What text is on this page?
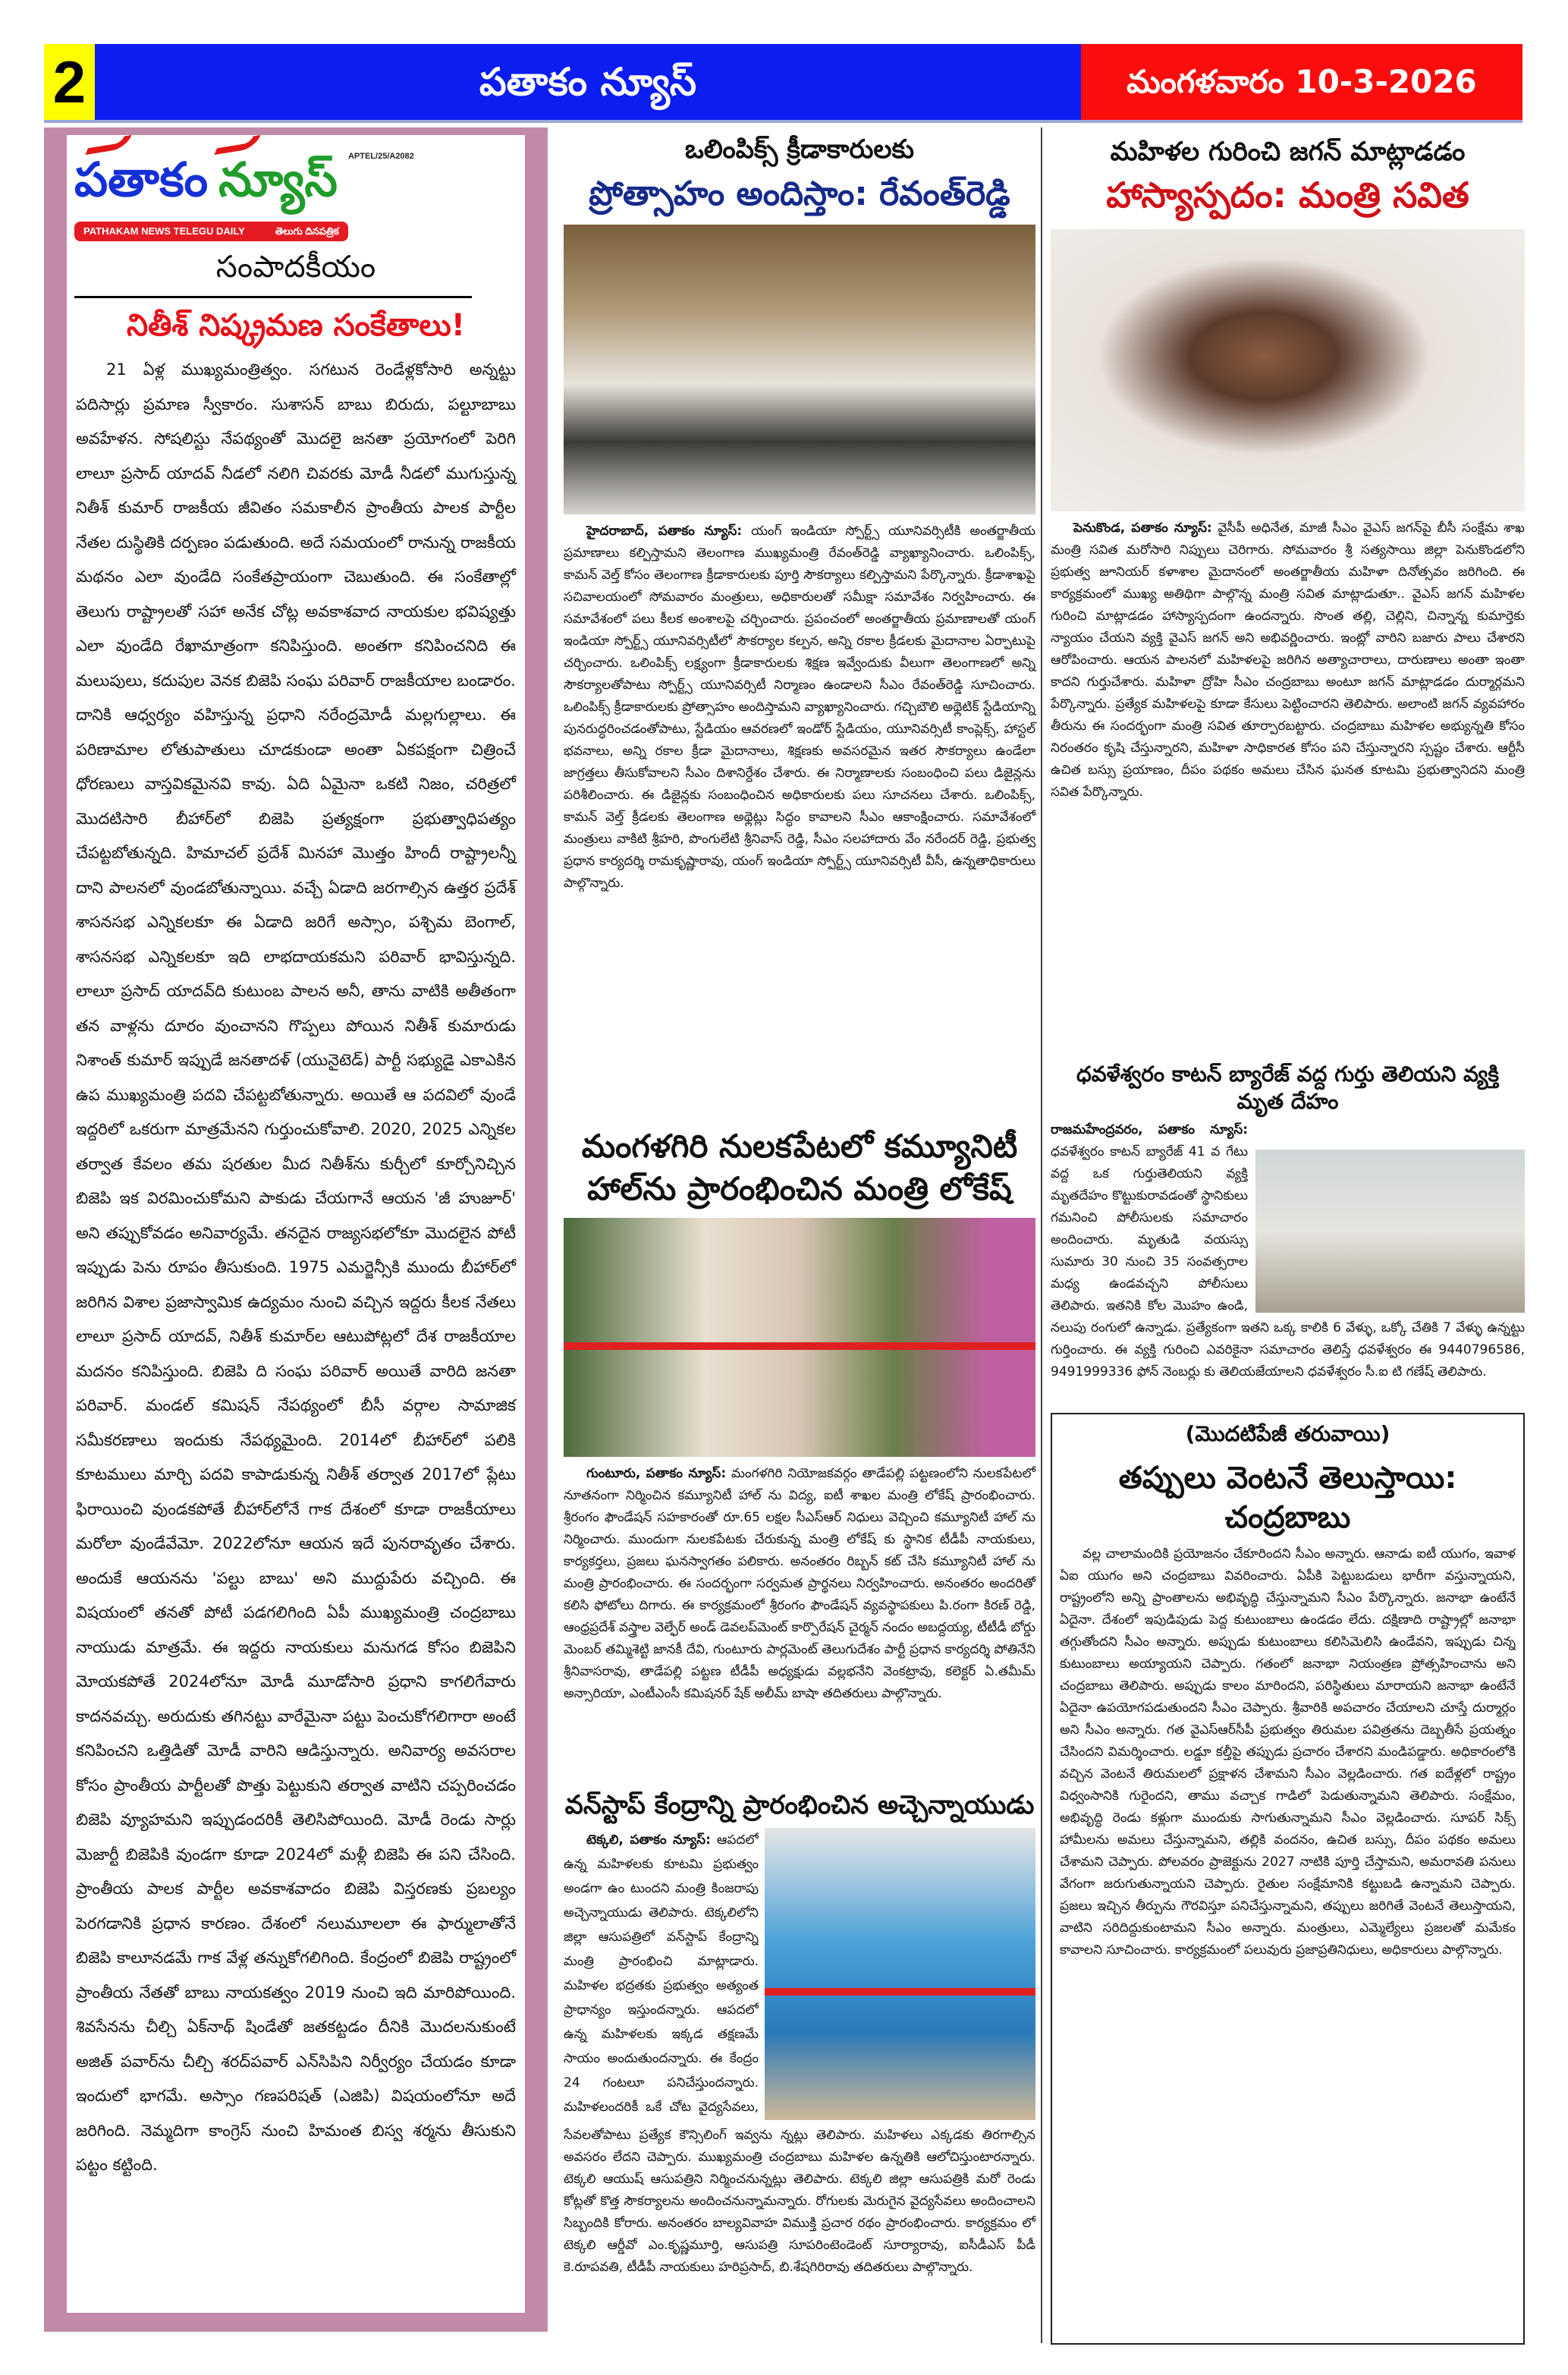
2	పతాకం న్యూస్	మంగళవారం 10-3-2026
పతాకం న్యూస్ APTEL/25/A2082
PATHAKAM NEWS TELEGU DAILY	తెలుగు దినపత్రిక
సంపాదకీయం
నితీశ్ నిష్క్రమణ సంకేతాలు!

21 ఏళ్ల ముఖ్యమంత్రిత్వం. సగటున రెండేళ్లకోసారి అన్నట్టు పదిసార్లు ప్రమాణ స్వీకారం. సుశాసన్ బాబు బిరుదు, పల్టూబాబు అవహేళన. సోషలిస్టు నేపథ్యంతో మొదలై జనతా ప్రయోగంలో పెరిగి లాలూ ప్రసాద్ యాదవ్ నీడలో నలిగి చివరకు మోడీ నీడలో ముగుస్తున్న నితీశ్ కుమార్ రాజకీయ జీవితం సమకాలీన ప్రాంతీయ పాలక పార్టీల నేతల దుస్థితికి దర్పణం పడుతుంది. అదే సమయంలో రానున్న రాజకీయ మథనం ఎలా వుండేది సంకేతప్రాయంగా చెబుతుంది. ఈ సంకేతాల్లో తెలుగు రాష్ట్రాలతో సహా అనేక చోట్ల అవకాశవాద నాయకుల భవిష్యత్తు ఎలా వుండేది రేఖామాత్రంగా కనిపిస్తుంది. అంతగా కనిపించనిది ఈ మలుపులు, కదుపుల వెనక బిజెపి సంఘ పరివార్ రాజకీయాల బండారం. దానికి ఆధ్వర్యం వహిస్తున్న ప్రధాని నరేంద్రమోడీ మల్లగుల్లాలు. ఈ పరిణామాల లోతుపాతులు చూడకుండా అంతా ఏకపక్షంగా చిత్రించే ధోరణులు వాస్తవికమైనవి కావు. ఏది ఏమైనా ఒకటి నిజం, చరిత్రలో మొదటిసారి బీహార్‌లో బిజెపి ప్రత్యక్షంగా ప్రభుత్వాధిపత్యం చేపట్టబోతున్నది. హిమాచల్ ప్రదేశ్ మినహా మొత్తం హిందీ రాష్ట్రాలన్నీ దాని పాలనలో వుండబోతున్నాయి. వచ్చే ఏడాది జరగాల్సిన ఉత్తర ప్రదేశ్ శాసనసభ ఎన్నికలకూ ఈ ఏడాది జరిగే అస్సాం, పశ్చిమ బెంగాల్, శాసనసభ ఎన్నికలకూ ఇది లాభదాయకమని పరివార్ భావిస్తున్నది. లాలూ ప్రసాద్ యాదవ్‌ది కుటుంబ పాలన అనీ, తాను వాటికి అతీతంగా తన వాళ్లను దూరం వుంచానని గొప్పలు పోయిన నితీశ్ కుమారుడు నిశాంత్ కుమార్ ఇప్పుడే జనతాదళ్ (యునైటెడ్) పార్టీ సభ్యుడై ఎకాఎకిన ఉప ముఖ్యమంత్రి పదవి చేపట్టబోతున్నారు. అయితే ఆ పదవిలో వుండే ఇద్దరిలో ఒకరుగా మాత్రమేనని గుర్తుంచుకోవాలి. 2020, 2025 ఎన్నికల తర్వాత కేవలం తమ షరతుల మీద నితీశ్‌ను కుర్చీలో కూర్చోనిచ్చిన బిజెపి ఇక విరమించుకోమని పాకుడు చేయగానే ఆయన 'జీ హుజూర్' అని తప్పుకోవడం అనివార్యమే. తనదైన రాజ్యసభలోకూ మొదలైన పోటీ ఇప్పుడు పెను రూపం తీసుకుంది. 1975 ఎమర్జెన్సీకి ముందు బీహార్‌లో జరిగిన విశాల ప్రజాస్వామిక ఉద్యమం నుంచి వచ్చిన ఇద్దరు కీలక నేతలు లాలూ ప్రసాద్ యాదవ్, నితీశ్ కుమార్‌ల ఆటుపోట్లలో దేశ రాజకీయాల మదనం కనిపిస్తుంది. బిజెపి ది సంఘ పరివార్ అయితే వారిది జనతా పరివార్. మండల్ కమిషన్ నేపథ్యంలో బీసీ వర్గాల సామాజిక సమీకరణాలు ఇందుకు నేపథ్యమైంది. 2014లో బీహార్‌లో పలికి కూటములు మార్చి పదవి కాపాడుకున్న నితీశ్ తర్వాత 2017లో ప్లేటు ఫిరాయించి వుండకపోతే బీహార్‌లోనే గాక దేశంలో కూడా రాజకీయాలు మరోలా వుండేవేమో. 2022లోనూ ఆయన ఇదే పునరావృతం చేశారు. అందుకే ఆయనను 'పల్టు బాబు' అని ముద్దుపేరు వచ్చింది. ఈ విషయంలో తనతో పోటీ పడగలిగింది ఏపీ ముఖ్యమంత్రి చంద్రబాబు నాయుడు మాత్రమే. ఈ ఇద్దరు నాయకులు మనుగడ కోసం బిజెపిని మోయకపోతే 2024లోనూ మోడీ మూడోసారి ప్రధాని కాగలిగేవారు కాదనవచ్చు. అరుదుకు తగినట్టు వారేమైనా పట్టు పెంచుకోగలిగారా అంటే కనిపించని ఒత్తిడితో మోడీ వారిని ఆడిస్తున్నారు. అనివార్య అవసరాల కోసం ప్రాంతీయ పార్టీలతో పొత్తు పెట్టుకుని తర్వాత వాటిని చప్పరించడం బిజెపి వ్యూహమని ఇప్పుడందరికీ తెలిసిపోయింది. మోడీ రెండు సార్లు మెజార్టీ బిజెపికి వుండగా కూడా 2024లో మళ్లీ బిజెపి ఈ పని చేసింది. ప్రాంతీయ పాలక పార్టీల అవకాశవాదం బిజెపి విస్తరణకు ప్రబల్యం పెరగడానికి ప్రధాన కారణం. దేశంలో నలుమూలలా ఈ ఫార్ములాతోనే బిజెపి కాలూనడమే గాక వేళ్ల తన్నుకోగలిగింది. కేంద్రంలో బిజెపి రాష్ట్రంలో ప్రాంతీయ నేతతో బాబు నాయకత్వం 2019 నుంచి ఇది మారిపోయింది. శివసేనను చీల్చి ఏక్‌నాథ్ షిండేతో జతకట్టడం దీనికి మొదలనుకుంటే అజిత్ పవార్‌ను చీల్చి శరద్‌పవార్ ఎన్‌సిపిని నిర్వీర్యం చేయడం కూడా ఇందులో భాగమే. అస్సాం గణపరిషత్ (ఎజిపి) విషయంలోనూ అదే జరిగింది. నెమ్మదిగా కాంగ్రెస్ నుంచి హిమంత బిస్వ శర్మను తీసుకుని పట్టం కట్టింది.

ఒలింపిక్స్ క్రీడాకారులకు
ప్రోత్సాహం అందిస్తాం: రేవంత్‌రెడ్డి

హైదరాబాద్, పతాకం న్యూస్: యంగ్ ఇండియా స్పోర్ట్స్ యూనివర్సిటీకి అంతర్జాతీయ ప్రమాణాలు కల్పిస్తామని తెలంగాణ ముఖ్యమంత్రి రేవంత్‌రెడ్డి వ్యాఖ్యానించారు. ఒలింపిక్స్, కామన్ వెల్త్ కోసం తెలంగాణ క్రీడాకారులకు పూర్తి సౌకర్యాలు కల్పిస్తామని పేర్కొన్నారు. క్రీడాశాఖపై సచివాలయంలో సోమవారం మంత్రులు, అధికారులతో సమీక్షా సమావేశం నిర్వహించారు. ఈ సమావేశంలో పలు కీలక అంశాలపై చర్చించారు. ప్రపంచంలో అంతర్జాతీయ ప్రమాణాలతో యంగ్ ఇండియా స్పోర్ట్స్ యూనివర్సిటీలో సౌకర్యాల కల్పన, అన్ని రకాల క్రీడలకు మైదానాల ఏర్పాటుపై చర్చించారు. ఒలింపిక్స్ లక్ష్యంగా క్రీడాకారులకు శిక్షణ ఇవ్వేందుకు వీలుగా తెలంగాణలో అన్ని సౌకర్యాలతోపాటు స్పోర్ట్స్ యూనివర్సిటీ నిర్మాణం ఉండాలని సీఎం రేవంత్‌రెడ్డి సూచించారు. ఒలింపిక్స్ క్రీడాకారులకు ప్రోత్సాహం అందిస్తామని వ్యాఖ్యానించారు. గచ్చిబౌలి అథ్లెటిక్ స్టేడియాన్ని పునరుద్ధరించడంతోపాటు, స్టేడియం ఆవరణలో ఇండోర్ స్టేడియం, యూనివర్సిటీ కాంప్లెక్స్, హాస్టల్ భవనాలు, అన్ని రకాల క్రీడా మైదానాలు, శిక్షణకు అవసరమైన ఇతర సౌకర్యాలు ఉండేలా జాగ్రత్తలు తీసుకోవాలని సీఎం దిశానిర్దేశం చేశారు. ఈ నిర్మాణాలకు సంబంధించి పలు డిజైన్లను పరిశీలించారు. ఈ డిజైన్లకు సంబంధించిన అధికారులకు పలు సూచనలు చేశారు. ఒలింపిక్స్, కామన్ వెల్త్ క్రీడలకు తెలంగాణ అథ్లెట్లు సిద్ధం కావాలని సీఎం ఆకాంక్షించారు. సమావేశంలో మంత్రులు వాకిటి శ్రీహరి, పొంగులేటి శ్రీనివాస్ రెడ్డి, సీఎం సలహాదారు వేం నరేందర్ రెడ్డి, ప్రభుత్వ ప్రధాన కార్యదర్శి రామకృష్ణారావు, యంగ్ ఇండియా స్పోర్ట్స్ యూనివర్సిటీ వీసీ, ఉన్నతాధికారులు పాల్గొన్నారు.

మంగళగిరి నులకపేటలో కమ్యూనిటీ
హాల్‌ను ప్రారంభించిన మంత్రి లోకేష్

గుంటూరు, పతాకం న్యూస్: మంగళగిరి నియోజకవర్గం తాడేపల్లి పట్టణంలోని నులకపేటలో నూతనంగా నిర్మించిన కమ్యూనిటీ హాల్ ను విద్య, ఐటీ శాఖల మంత్రి లోకేష్ ప్రారంభించారు. శ్రీరంగం ఫౌండేషన్ సహకారంతో రూ.65 లక్షల సీఎస్ఆర్ నిధులు వెచ్చించి కమ్యూనిటీ హాల్ ను నిర్మించారు. ముందుగా నులకపేటకు చేరుకున్న మంత్రి లోకేష్ కు స్థానిక టీడీపీ నాయకులు, కార్యకర్తలు, ప్రజలు ఘనస్వాగతం పలికారు. అనంతరం రిబ్బన్ కట్ చేసి కమ్యూనిటీ హాల్ ను మంత్రి ప్రారంభించారు. ఈ సందర్భంగా సర్వమత ప్రార్థనలు నిర్వహించారు. అనంతరం అందరితో కలిసి ఫోటోలు దిగారు. ఈ కార్యక్రమంలో శ్రీరంగం ఫౌండేషన్ వ్యవస్థాపకులు పి.రంగా కిరణ్ రెడ్డి, ఆంధ్రప్రదేశ్ వస్త్రాల వెల్ఫేర్ అండ్ డెవలప్‌మెంట్ కార్పొరేషన్ చైర్మన్ నందం అబద్దయ్య, టీటీడీ బోర్డు మెంబర్ తమ్మిశెట్టి జానకీ దేవి, గుంటూరు పార్లమెంట్ తెలుగుదేశం పార్టీ ప్రధాన కార్యదర్శి పోతినేని శ్రీనివాసరావు, తాడేపల్లి పట్టణ టీడీపీ అధ్యక్షుడు వల్లభనేని వెంకట్రావు, కలెక్టర్ ఏ.తమీమ్ అన్సారియా, ఎంటీఎంసీ కమిషనర్ షేక్ అలీమ్ బాషా తదితరులు పాల్గొన్నారు.

వన్‌స్టాప్ కేంద్రాన్ని ప్రారంభించిన అచ్చెన్నాయుడు

టెక్కలి, పతాకం న్యూస్: ఆపదలో ఉన్న మహిళలకు కూటమి ప్రభుత్వం అండగా ఉం టుందని మంత్రి కింజరాపు అచ్చెన్నాయుడు తెలిపారు. టెక్కలిలోని జిల్లా ఆసుపత్రిలో వన్‌స్టాప్ కేంద్రాన్ని మంత్రి ప్రారంభించి మాట్లాడారు. మహిళల భద్రతకు ప్రభుత్వం అత్యంత ప్రాధాన్యం ఇస్తుందన్నారు. ఆపదలో ఉన్న మహిళలకు ఇక్కడ తక్షణమే సాయం అందుతుందన్నారు. ఈ కేంద్రం 24 గంటలూ పనిచేస్తుందన్నారు. మహిళలందరికీ ఒకే చోట వైద్యసేవలు,

సేవలతోపాటు ప్రత్యేక కౌన్సిలింగ్ ఇవ్వను న్నట్లు తెలిపారు. మహిళలు ఎక్కడకు తిరగాల్సిన అవసరం లేదని చెప్పారు. ముఖ్యమంత్రి చంద్రబాబు మహిళల ఉన్నతికి ఆలోచిస్తుంటారన్నారు. టెక్కలి ఆయుష్ ఆసుపత్రిని నిర్మించనున్నట్లు తెలిపారు. టెక్కలి జిల్లా ఆసుపత్రికి మరో రెండు కోట్లతో కొత్త సౌకర్యాలను అందించనున్నామన్నారు. రోగులకు మెరుగైన వైద్యసేవలు అందించాలని సిబ్బందికి కోరారు. అనంతరం బాల్యవివాహ విముక్తి ప్రచార రథం ప్రారంభించారు. కార్యక్రమం లో టెక్కలి ఆర్డీవో ఎం.కృష్ణమూర్తి, ఆసుపత్రి సూపరింటెండెంట్ సూర్యారావు, ఐసీడీఎస్ పీడీ కె.రూపవతి, టీడీపీ నాయకులు హరిప్రసాద్, బి.శేషగిరిరావు తదితరులు పాల్గొన్నారు.

మహిళల గురించి జగన్ మాట్లాడడం
హాస్యాస్పదం: మంత్రి సవిత

పెనుకొండ, పతాకం న్యూస్: వైసీపీ అధినేత, మాజీ సీఎం వైఎస్ జగన్‌పై బీసీ సంక్షేమ శాఖ మంత్రి సవిత మరోసారి నిప్పులు చెరిగారు. సోమవారం శ్రీ సత్యసాయి జిల్లా పెనుకొండలోని ప్రభుత్వ జూనియర్ కళాశాల మైదానంలో అంతర్జాతీయ మహిళా దినోత్సవం జరిగింది. ఈ కార్యక్రమంలో ముఖ్య అతిథిగా పాల్గొన్న మంత్రి సవిత మాట్లాడుతూ.. వైఎస్ జగన్ మహిళల గురించి మాట్లాడడం హాస్యాస్పదంగా ఉందన్నారు. సొంత తల్లి, చెల్లిని, చిన్నాన్న కుమార్తెకు న్యాయం చేయని వ్యక్తి వైఎస్ జగన్ అని అభివర్ణించారు. ఇంట్లో వారిని బజారు పాలు చేశారని ఆరోపించారు. ఆయన పాలనలో మహిళలపై జరిగిన అత్యాచారాలు, దారుణాలు అంతా ఇంతా కాదని గుర్తుచేశారు. మహిళా ద్రోహి సీఎం చంద్రబాబు అంటూ జగన్ మాట్లాడడం దుర్మార్గమని పేర్కొన్నారు. ప్రత్యేక మహిళలపై కూడా కేసులు పెట్టించారని తెలిపారు. అలాంటి జగన్ వ్యవహారం తీరును ఈ సందర్భంగా మంత్రి సవిత తూర్పారబట్టారు. చంద్రబాబు మహిళల అభ్యున్నతి కోసం నిరంతరం కృషి చేస్తున్నారని, మహిళా సాధికారత కోసం పని చేస్తున్నారని స్పష్టం చేశారు. ఆర్టీసీ ఉచిత బస్సు ప్రయాణం, దీపం పథకం అమలు చేసిన ఘనత కూటమి ప్రభుత్వానిదని మంత్రి సవిత పేర్కొన్నారు.

ధవళేశ్వరం కాటన్ బ్యారేజ్ వద్ద గుర్తు తెలియని వ్యక్తి మృత దేహం
రాజమహేంద్రవరం, పతాకం న్యూస్: ధవళేశ్వరం కాటన్ బ్యారేజ్ 41 వ గేటు వద్ద ఒక గుర్తుతెలియని వ్యక్తి మృతదేహం కొట్టుకురావడంతో స్థానికులు గమనించి పోలీసులకు సమాచారం అందించారు. మృతుడి వయస్సు సుమారు 30 నుంచి 35 సంవత్సరాల మధ్య ఉండవచ్చని పోలీసులు తెలిపారు. ఇతనికి కోల మొహం ఉండి, నలుపు రంగులో ఉన్నాడు. ప్రత్యేకంగా ఇతని ఒక్క కాలికి 6 వేళ్ళు, ఒక్కో చేతికి 7 వేళ్ళు ఉన్నట్టు గుర్తించారు. ఈ వ్యక్తి గురించి ఎవరికైనా సమాచారం తెలిస్తే ధవళేశ్వరం ఈ 9440796586, 9491999336 ఫోన్ నెంబర్లు కు తెలియజేయాలని ధవళేశ్వరం సీ.ఐ టి గణేష్ తెలిపారు.
(మొదటిపేజీ తరువాయి)
తప్పులు వెంటనే తెలుస్తాయి: చంద్రబాబు

వల్ల చాలామందికి ప్రయోజనం చేకూరిందని సీఎం అన్నారు. ఆనాడు ఐటీ యుగం, ఇవాళ ఏఐ యుగం అని చంద్రబాబు వివరించారు. ఏపీకి పెట్టుబడులు భారీగా వస్తున్నాయని, రాష్ట్రంలోని అన్ని ప్రాంతాలను అభివృద్ధి చేస్తున్నామని సీఎం పేర్కొన్నారు. జనాభా ఉంటేనే ఏదైనా. దేశంలో ఇపుడిపుడు పెద్ద కుటుంబాలు ఉండడం లేదు. దక్షిణాది రాష్ట్రాల్లో జనాభా తగ్గుతోందని సీఎం అన్నారు. అప్పుడు కుటుంబాలు కలిసిమెలిసి ఉండేవని, ఇప్పుడు చిన్న కుటుంబాలు అయ్యాయని చెప్పారు. గతంలో జనాభా నియంత్రణ ప్రోత్సహించాను అని చంద్రబాబు తెలిపారు. అప్పుడు కాలం మారిందని, పరిస్థితులు మారాయని జనాభా ఉంటేనే ఏదైనా ఉపయోగపడుతుందని సీఎం చెప్పారు. శ్రీవారికి అపచారం చేయాలని చూస్తే దుర్మార్గం అని సీఎం అన్నారు. గత వైఎస్ఆర్‌సీపీ ప్రభుత్వం తిరుమల పవిత్రతను దెబ్బతీసే ప్రయత్నం చేసిందని విమర్శించారు. లడ్డూ కల్తీపై తప్పుడు ప్రచారం చేశారని మండిపడ్డారు. అధికారంలోకి వచ్చిన వెంటనే తిరుమలలో ప్రక్షాళన చేశామని సీఎం వెల్లడించారు. గత ఐదేళ్లలో రాష్ట్రం విధ్వంసానికి గురైందని, తాము వచ్చాక గాడిలో పెడుతున్నామని తెలిపారు. సంక్షేమం, అభివృద్ధి రెండు కళ్లుగా ముందుకు సాగుతున్నామని సీఎం వెల్లడించారు. సూపర్ సిక్స్ హామీలను అమలు చేస్తున్నామని, తల్లికి వందనం, ఉచిత బస్సు, దీపం పథకం అమలు చేశామని చెప్పారు. పోలవరం ప్రాజెక్టును 2027 నాటికి పూర్తి చేస్తామని, అమరావతి పనులు వేగంగా జరుగుతున్నాయని చెప్పారు. రైతుల సంక్షేమానికి కట్టుబడి ఉన్నామని చెప్పారు. ప్రజలు ఇచ్చిన తీర్పును గౌరవిస్తూ పనిచేస్తున్నామని, తప్పులు జరిగితే వెంటనే తెలుస్తాయని, వాటిని సరిదిద్దుకుంటామని సీఎం అన్నారు. మంత్రులు, ఎమ్మెల్యేలు ప్రజలతో మమేకం కావాలని సూచించారు. కార్యక్రమంలో పలువురు ప్రజాప్రతినిధులు, అధికారులు పాల్గొన్నారు.
